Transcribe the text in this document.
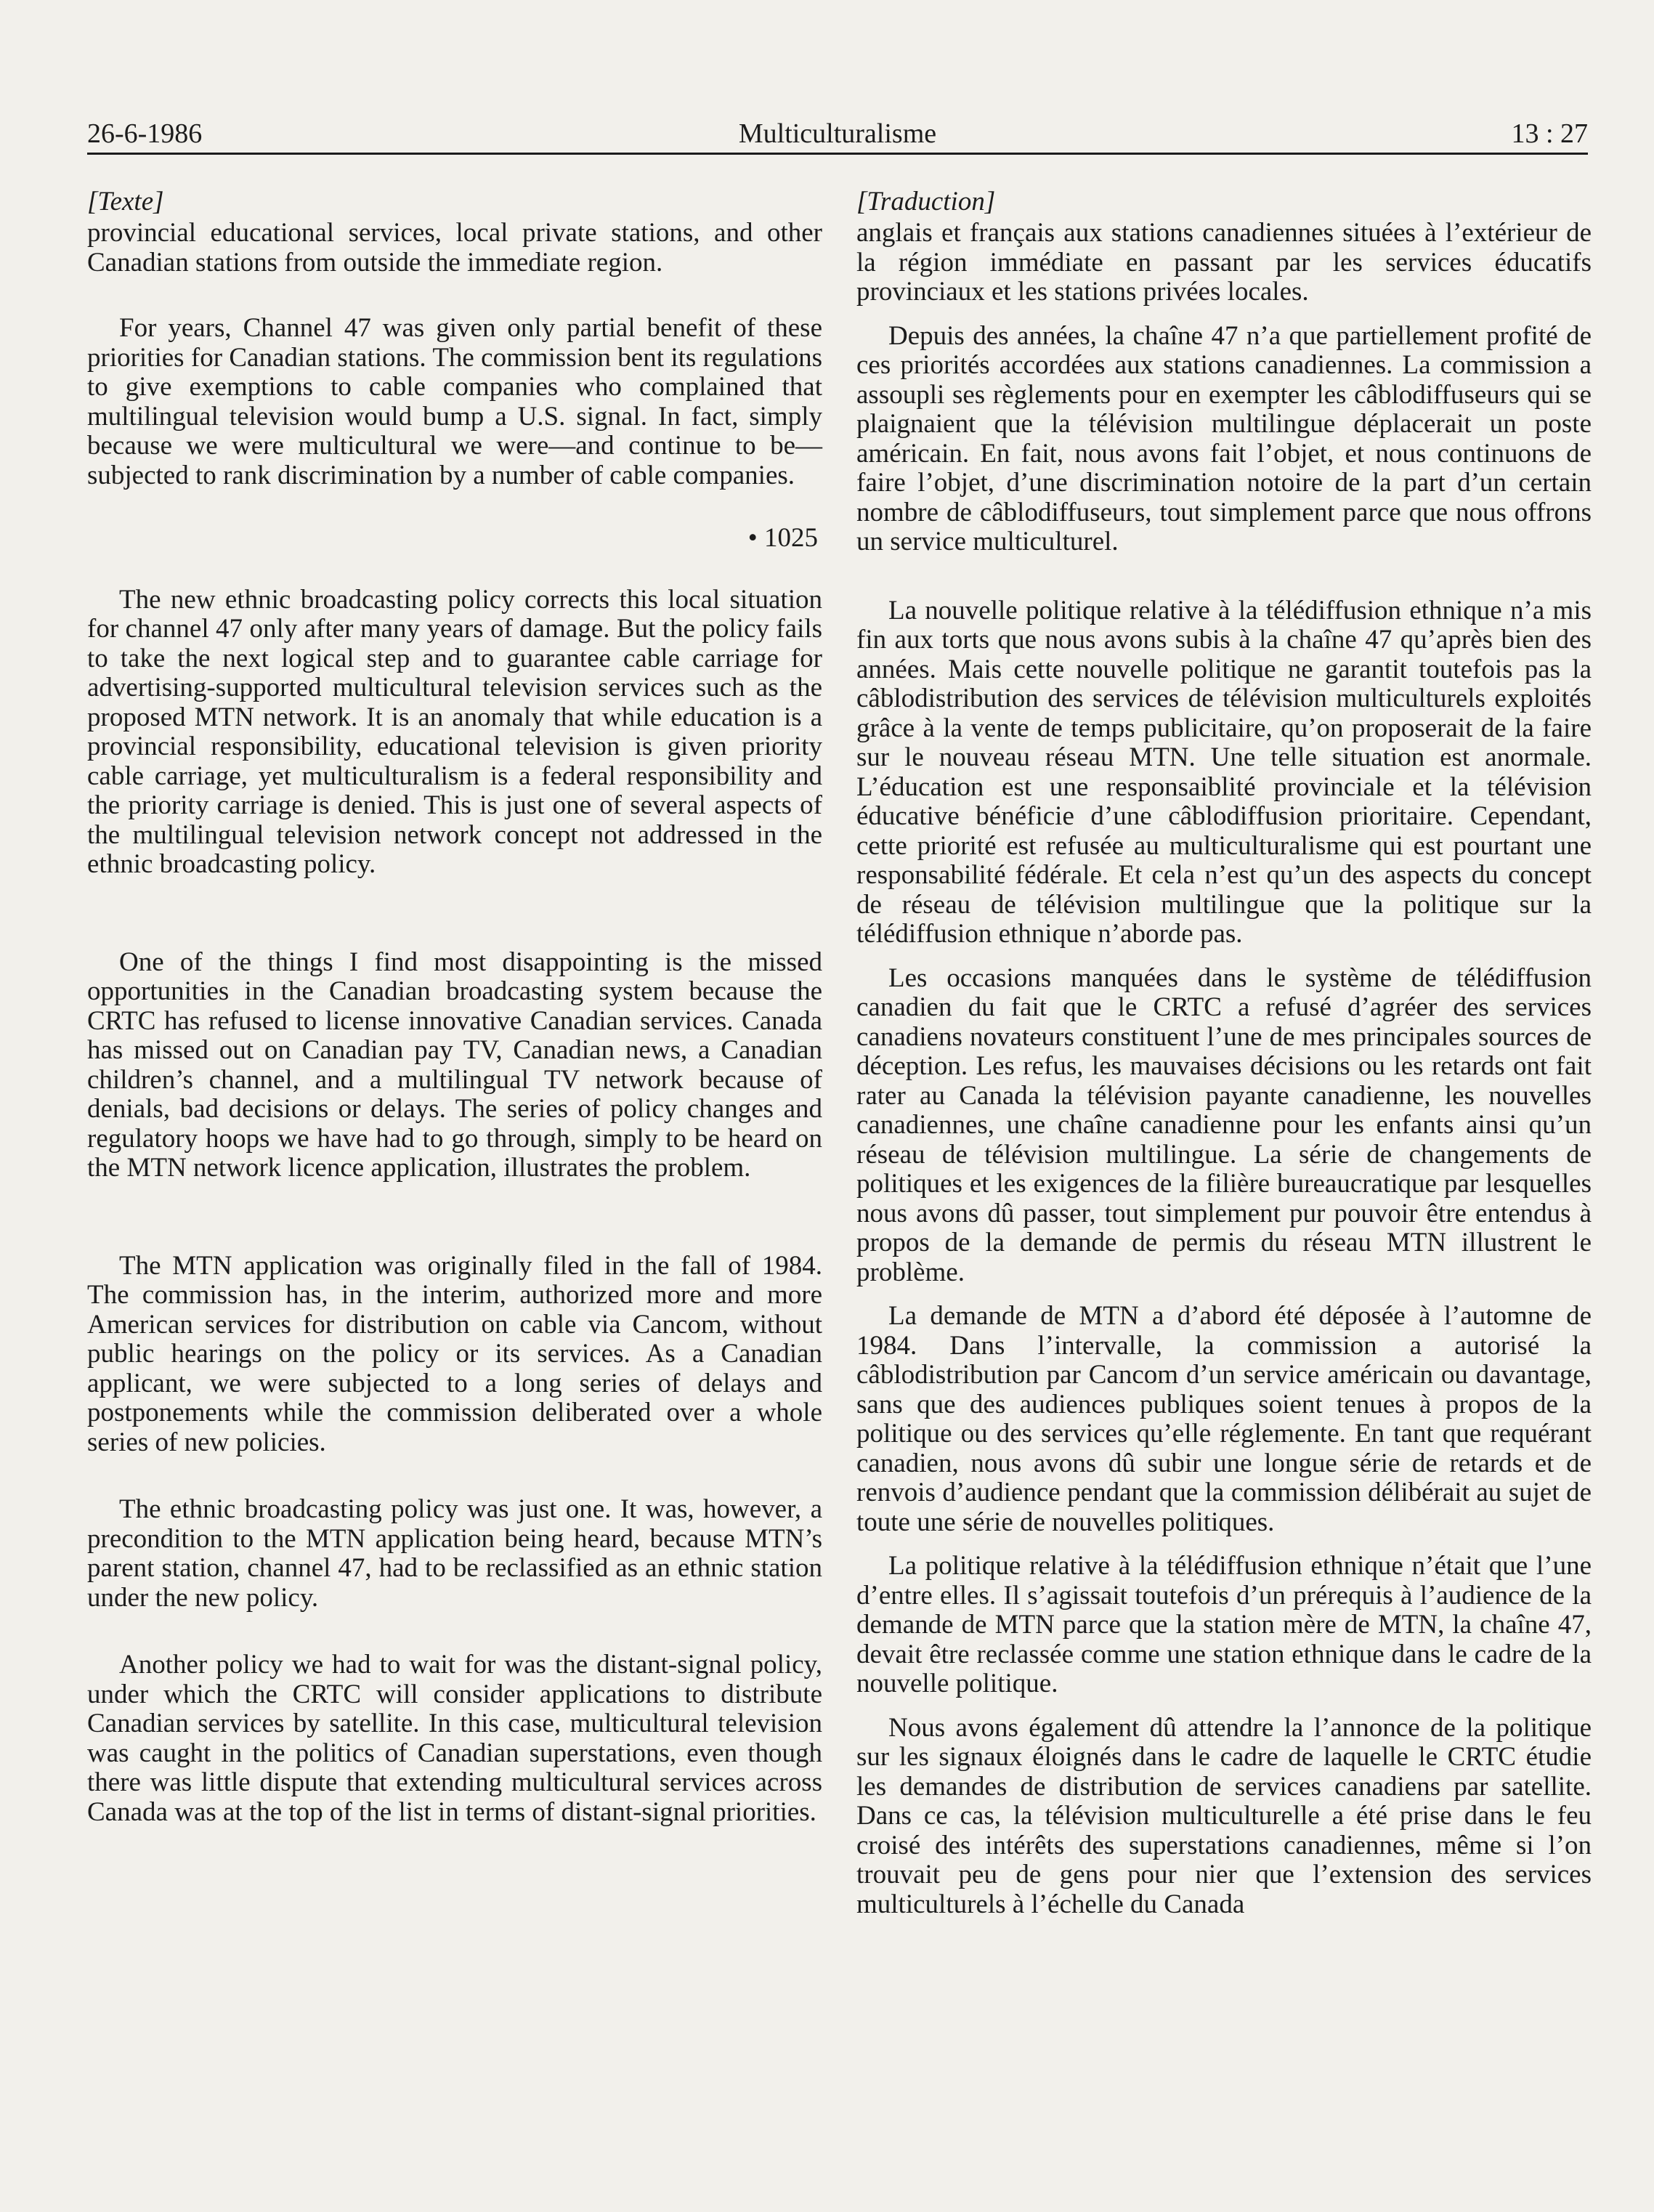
26-6-1986	Multiculturalisme	13 : 27

[Texte]

provincial educational services, local private stations, and other Canadian stations from outside the immediate region.

For years, Channel 47 was given only partial benefit of these priorities for Canadian stations. The commission bent its regulations to give exemptions to cable companies who complained that multilingual television would bump a U.S. signal. In fact, simply because we were multicultural we were—and continue to be—subjected to rank discrimination by a number of cable companies.

• 1025

The new ethnic broadcasting policy corrects this local situation for channel 47 only after many years of damage. But the policy fails to take the next logical step and to guarantee cable carriage for advertising-supported multicultural television services such as the proposed MTN network. It is an anomaly that while education is a provincial responsibility, educational television is given priority cable carriage, yet multiculturalism is a federal responsibility and the priority carriage is denied. This is just one of several aspects of the multilingual television network concept not addressed in the ethnic broadcasting policy.

One of the things I find most disappointing is the missed opportunities in the Canadian broadcasting system because the CRTC has refused to license innovative Canadian services. Canada has missed out on Canadian pay TV, Canadian news, a Canadian children’s channel, and a multilingual TV network because of denials, bad decisions or delays. The series of policy changes and regulatory hoops we have had to go through, simply to be heard on the MTN network licence application, illustrates the problem.

The MTN application was originally filed in the fall of 1984. The commission has, in the interim, authorized more and more American services for distribution on cable via Cancom, without public hearings on the policy or its services. As a Canadian applicant, we were subjected to a long series of delays and postponements while the commission deliberated over a whole series of new policies.

The ethnic broadcasting policy was just one. It was, however, a precondition to the MTN application being heard, because MTN’s parent station, channel 47, had to be reclassified as an ethnic station under the new policy.

Another policy we had to wait for was the distant-signal policy, under which the CRTC will consider applications to distribute Canadian services by satellite. In this case, multicultural television was caught in the politics of Canadian superstations, even though there was little dispute that extending multicultural services across Canada was at the top of the list in terms of distant-signal priorities.

[Traduction]

anglais et français aux stations canadiennes situées à l’extérieur de la région immédiate en passant par les services éducatifs provinciaux et les stations privées locales.

Depuis des années, la chaîne 47 n’a que partiellement profité de ces priorités accordées aux stations canadiennes. La commission a assoupli ses règlements pour en exempter les câblodiffuseurs qui se plaignaient que la télévision multilingue déplacerait un poste américain. En fait, nous avons fait l’objet, et nous continuons de faire l’objet, d’une discrimination notoire de la part d’un certain nombre de câblodiffuseurs, tout simplement parce que nous offrons un service multiculturel.

La nouvelle politique relative à la télédiffusion ethnique n’a mis fin aux torts que nous avons subis à la chaîne 47 qu’après bien des années. Mais cette nouvelle politique ne garantit toutefois pas la câblodistribution des services de télévision multiculturels exploités grâce à la vente de temps publicitaire, qu’on proposerait de la faire sur le nouveau réseau MTN. Une telle situation est anormale. L’éducation est une responsaiblité provinciale et la télévision éducative bénéficie d’une câblodiffusion prioritaire. Cependant, cette priorité est refusée au multiculturalisme qui est pourtant une responsabilité fédérale. Et cela n’est qu’un des aspects du concept de réseau de télévision multilingue que la politique sur la télédiffusion ethnique n’aborde pas.

Les occasions manquées dans le système de télédiffusion canadien du fait que le CRTC a refusé d’agréer des services canadiens novateurs constituent l’une de mes principales sources de déception. Les refus, les mauvaises décisions ou les retards ont fait rater au Canada la télévision payante canadienne, les nouvelles canadiennes, une chaîne canadienne pour les enfants ainsi qu’un réseau de télévision multilingue. La série de changements de politiques et les exigences de la filière bureaucratique par lesquelles nous avons dû passer, tout simplement pur pouvoir être entendus à propos de la demande de permis du réseau MTN illustrent le problème.

La demande de MTN a d’abord été déposée à l’automne de 1984. Dans l’intervalle, la commission a autorisé la câblodistribution par Cancom d’un service américain ou davantage, sans que des audiences publiques soient tenues à propos de la politique ou des services qu’elle réglemente. En tant que requérant canadien, nous avons dû subir une longue série de retards et de renvois d’audience pendant que la commission délibérait au sujet de toute une série de nouvelles politiques.

La politique relative à la télédiffusion ethnique n’était que l’une d’entre elles. Il s’agissait toutefois d’un prérequis à l’audience de la demande de MTN parce que la station mère de MTN, la chaîne 47, devait être reclassée comme une station ethnique dans le cadre de la nouvelle politique.

Nous avons également dû attendre la l’annonce de la politique sur les signaux éloignés dans le cadre de laquelle le CRTC étudie les demandes de distribution de services canadiens par satellite. Dans ce cas, la télévision multiculturelle a été prise dans le feu croisé des intérêts des superstations canadiennes, même si l’on trouvait peu de gens pour nier que l’extension des services multiculturels à l’échelle du Canada
